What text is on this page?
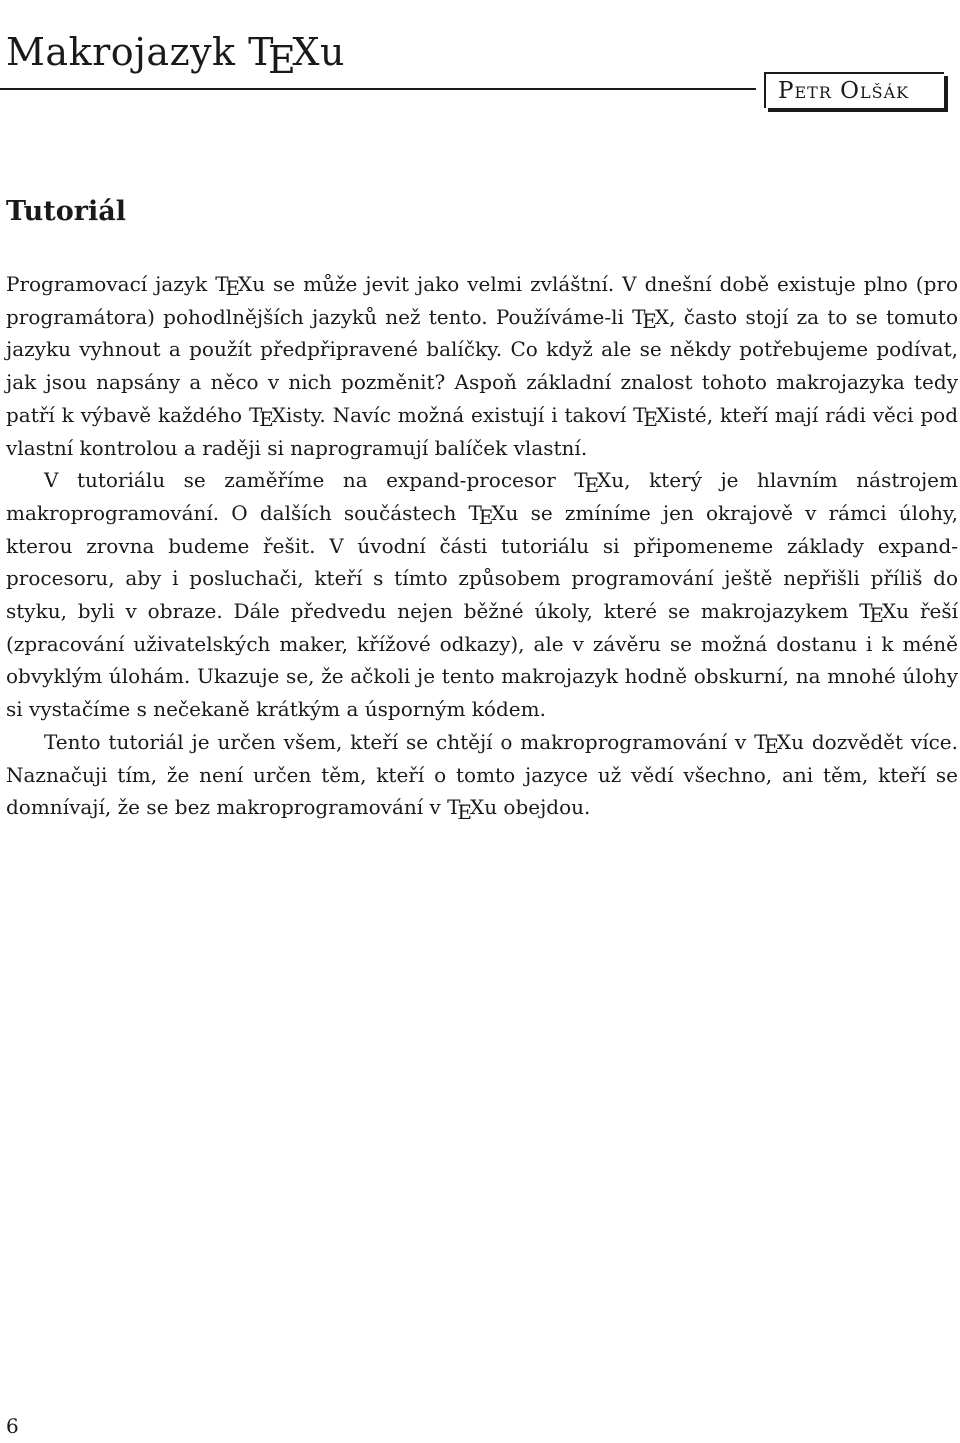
Makrojazyk TEXu
Petr Olšák
Tutoriál

Programovací jazyk TEXu se může jevit jako velmi zvláštní. V dnešní době existuje plno (pro programátora) pohodlnějších jazyků než tento. Používáme-li TEX, často stojí za to se tomuto jazyku vyhnout a použít předpřipravené balíčky. Co když ale se někdy potřebujeme podívat, jak jsou napsány a něco v nich pozměnit? Aspoň základní znalost tohoto makrojazyka tedy patří k výbavě každého TEXisty. Navíc možná existují i takoví TEXisté, kteří mají rádi věci pod vlastní kontrolou a raději si naprogramují balíček vlastní.

V tutoriálu se zaměříme na expand-procesor TEXu, který je hlavním nástrojem makroprogramování. O dalších součástech TEXu se zmíníme jen okrajově v rámci úlohy, kterou zrovna budeme řešit. V úvodní části tutoriálu si připomeneme základy expand-procesoru, aby i posluchači, kteří s tímto způsobem programování ještě nepřišli příliš do styku, byli v obraze. Dále předvedu nejen běžné úkoly, které se makrojazykem TEXu řeší (zpracování uživatelských maker, křížové odkazy), ale v závěru se možná dostanu i k méně obvyklým úlohám. Ukazuje se, že ačkoli je tento makrojazyk hodně obskurní, na mnohé úlohy si vystačíme s nečekaně krátkým a úsporným kódem.

Tento tutoriál je určen všem, kteří se chtějí o makroprogramování v TEXu dozvědět více. Naznačuji tím, že není určen těm, kteří o tomto jazyce už vědí všechno, ani těm, kteří se domnívají, že se bez makroprogramování v TEXu obejdou.

6
